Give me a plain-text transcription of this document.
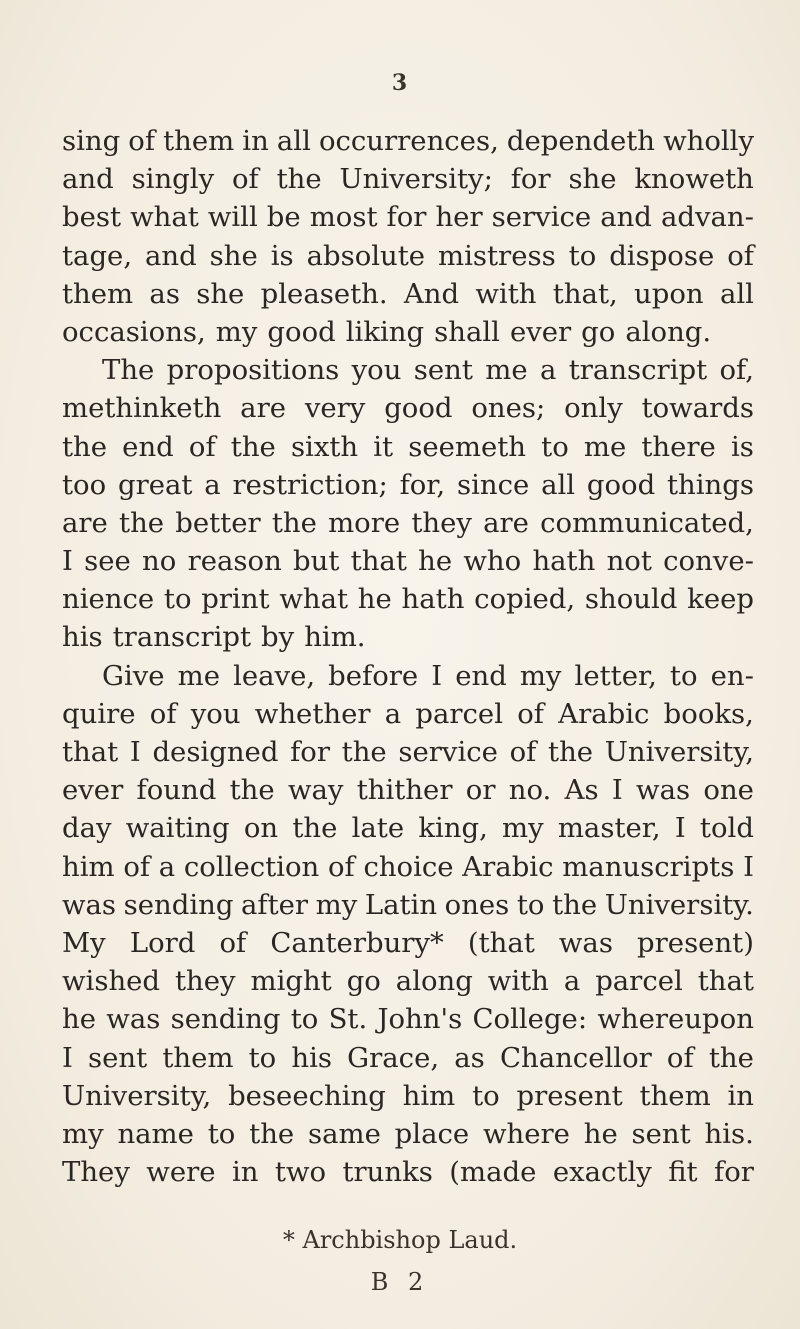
3
sing of them in all occurrences, dependeth wholly
and singly of the University; for she knoweth
best what will be most for her service and advan-
tage, and she is absolute mistress to dispose of
them as she pleaseth. And with that, upon all
occasions, my good liking shall ever go along.
The propositions you sent me a transcript of,
methinketh are very good ones; only towards
the end of the sixth it seemeth to me there is
too great a restriction; for, since all good things
are the better the more they are communicated,
I see no reason but that he who hath not conve-
nience to print what he hath copied, should keep
his transcript by him.
Give me leave, before I end my letter, to en-
quire of you whether a parcel of Arabic books,
that I designed for the service of the University,
ever found the way thither or no. As I was one
day waiting on the late king, my master, I told
him of a collection of choice Arabic manuscripts I
was sending after my Latin ones to the University.
My Lord of Canterbury* (that was present)
wished they might go along with a parcel that
he was sending to St. John's College: whereupon
I sent them to his Grace, as Chancellor of the
University, beseeching him to present them in
my name to the same place where he sent his.
They were in two trunks (made exactly fit for
* Archbishop Laud.
B 2
